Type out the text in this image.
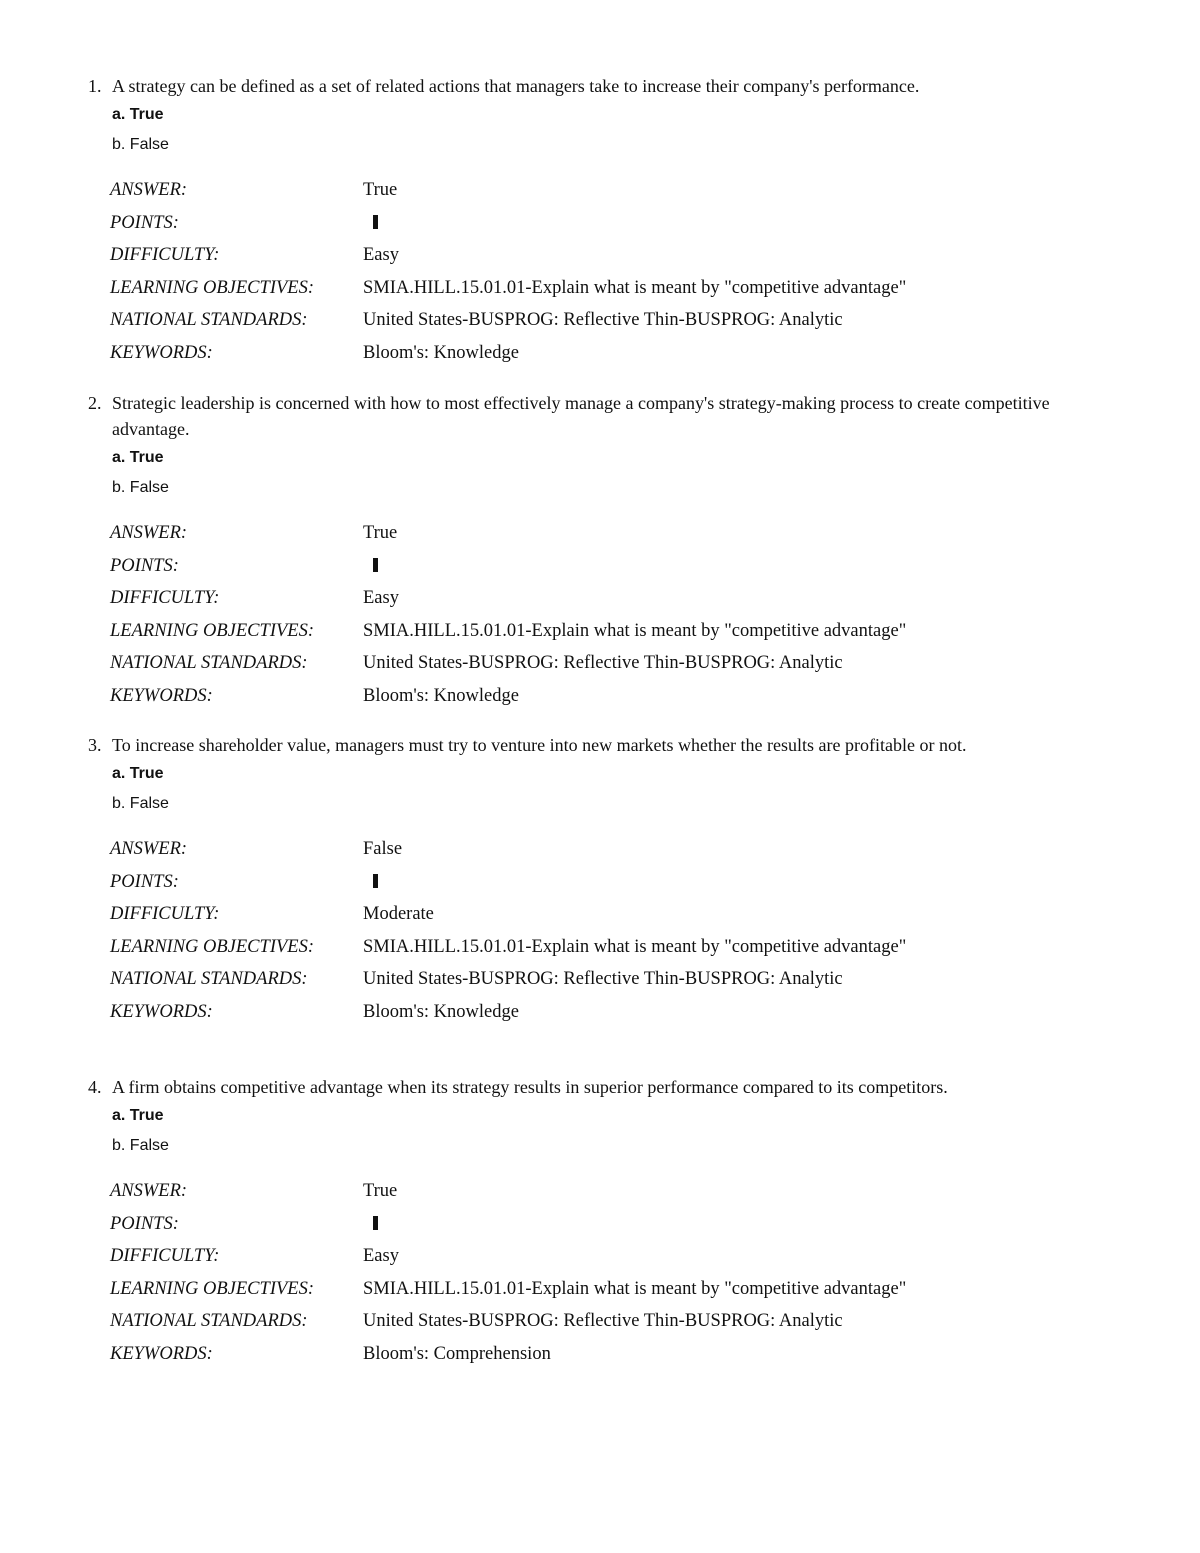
1. A strategy can be defined as a set of related actions that managers take to increase their company's performance.
a. True
b. False
ANSWER:	True
POINTS:
DIFFICULTY:	Easy
LEARNING OBJECTIVES:	SMIA.HILL.15.01.01-Explain what is meant by "competitive advantage"
NATIONAL STANDARDS:	United States-BUSPROG: Reflective Thin-BUSPROG: Analytic
KEYWORDS:	Bloom's: Knowledge
2. Strategic leadership is concerned with how to most effectively manage a company's strategy-making process to create competitive advantage.
a. True
b. False
ANSWER:	True
POINTS:
DIFFICULTY:	Easy
LEARNING OBJECTIVES:	SMIA.HILL.15.01.01-Explain what is meant by "competitive advantage"
NATIONAL STANDARDS:	United States-BUSPROG: Reflective Thin-BUSPROG: Analytic
KEYWORDS:	Bloom's: Knowledge
3. To increase shareholder value, managers must try to venture into new markets whether the results are profitable or not.
a. True
b. False
ANSWER:	False
POINTS:
DIFFICULTY:	Moderate
LEARNING OBJECTIVES:	SMIA.HILL.15.01.01-Explain what is meant by "competitive advantage"
NATIONAL STANDARDS:	United States-BUSPROG: Reflective Thin-BUSPROG: Analytic
KEYWORDS:	Bloom's: Knowledge
4. A firm obtains competitive advantage when its strategy results in superior performance compared to its competitors.
a. True
b. False
ANSWER:	True
POINTS:
DIFFICULTY:	Easy
LEARNING OBJECTIVES:	SMIA.HILL.15.01.01-Explain what is meant by "competitive advantage"
NATIONAL STANDARDS:	United States-BUSPROG: Reflective Thin-BUSPROG: Analytic
KEYWORDS:	Bloom's: Comprehension
